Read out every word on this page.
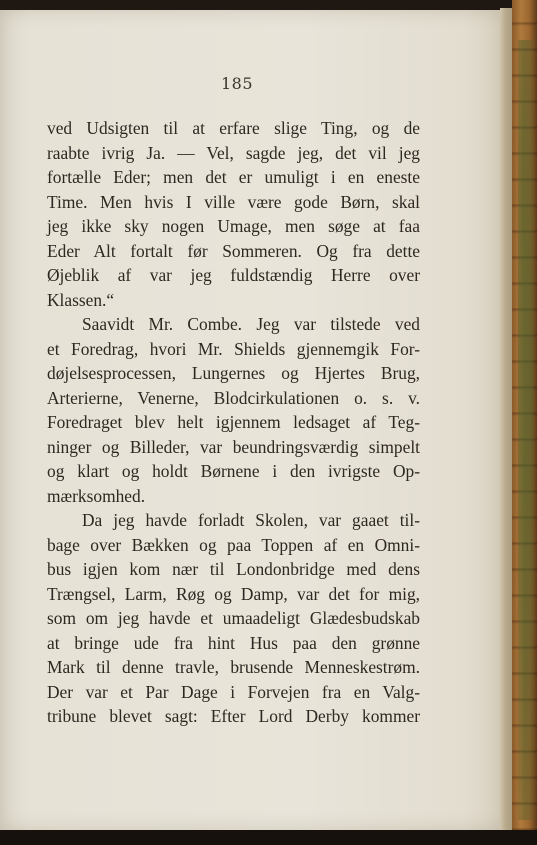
185
ved Udsigten til at erfare slige Ting, og de
raabte ivrig Ja. — Vel, sagde jeg, det vil jeg
fortælle Eder; men det er umuligt i en eneste
Time. Men hvis I ville være gode Børn, skal
jeg ikke sky nogen Umage, men søge at faa
Eder Alt fortalt før Sommeren. Og fra dette
Øjeblik af var jeg fuldstændig Herre over
Klassen.“
Saavidt Mr. Combe. Jeg var tilstede ved
et Foredrag, hvori Mr. Shields gjennemgik For-
døjelsesprocessen, Lungernes og Hjertes Brug,
Arterierne, Venerne, Blodcirkulationen o. s. v.
Foredraget blev helt igjennem ledsaget af Teg-
ninger og Billeder, var beundringsværdig simpelt
og klart og holdt Børnene i den ivrigste Op-
mærksomhed.
Da jeg havde forladt Skolen, var gaaet til-
bage over Bækken og paa Toppen af en Omni-
bus igjen kom nær til Londonbridge med dens
Trængsel, Larm, Røg og Damp, var det for mig,
som om jeg havde et umaadeligt Glædesbudskab
at bringe ude fra hint Hus paa den grønne
Mark til denne travle, brusende Menneskestrøm.
Der var et Par Dage i Forvejen fra en Valg-
tribune blevet sagt: Efter Lord Derby kommer
